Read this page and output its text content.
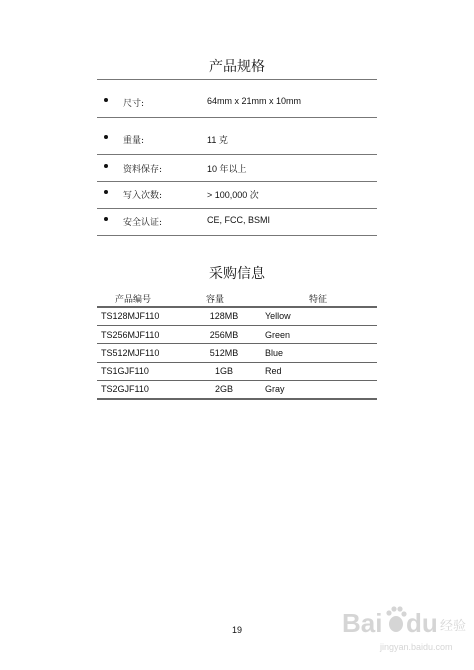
产品规格
尺寸:	64mm x 21mm x 10mm
重量:	11 克
资料保存:	10 年以上
写入次数:	> 100,000 次
安全认证:	CE, FCC, BSMI
采购信息
产品编号	容量	特征
TS128MJF110	128MB	Yellow
TS256MJF110	256MB	Green
TS512MJF110	512MB	Blue
TS1GJF110	1GB	Red
TS2GJF110	2GB	Gray
19	Bai du 经验
jingyan.baidu.com
